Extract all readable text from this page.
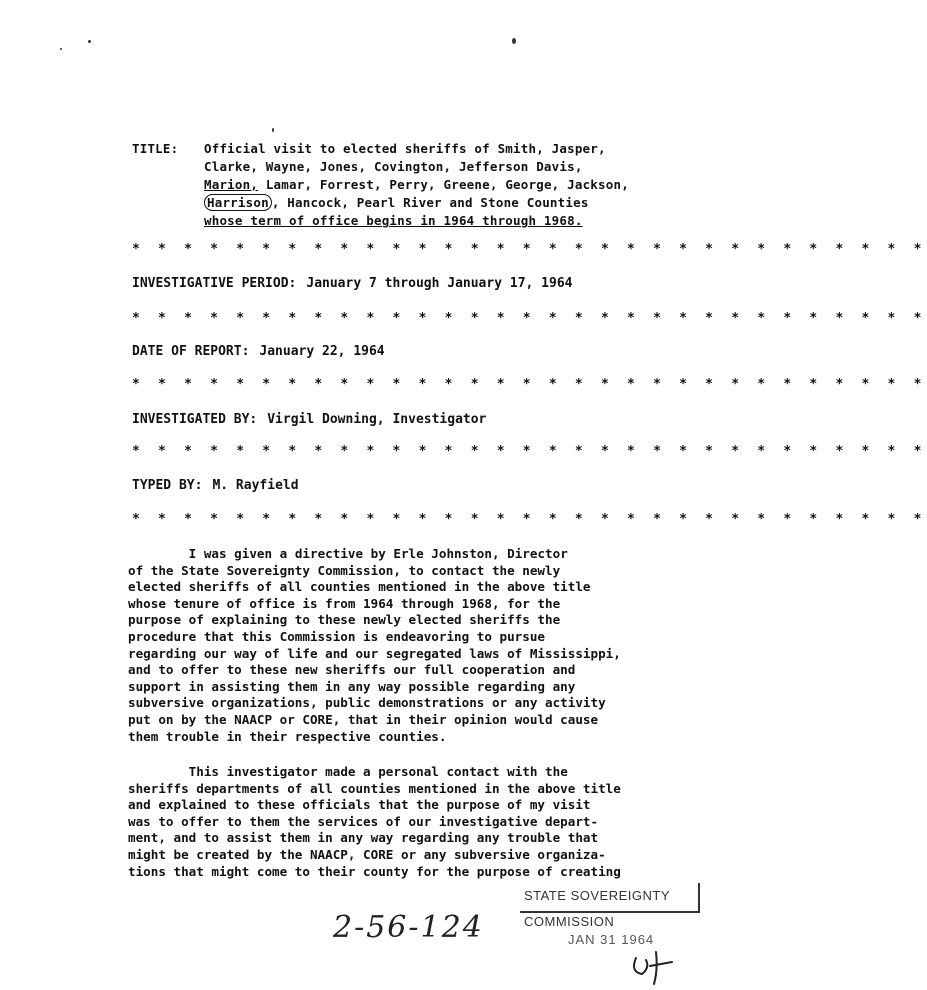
TITLE: Official visit to elected sheriffs of Smith, Jasper,
Clarke, Wayne, Jones, Covington, Jefferson Davis,
Marion, Lamar, Forrest, Perry, Greene, George, Jackson,
Harrison , Hancock, Pearl River and Stone Counties
whose term of office begins in 1964 through 1968.
* * * * * * * * * * * * * * * * * * * * * * * * * * * * * * *
INVESTIGATIVE PERIOD: January 7 through January 17, 1964
* * * * * * * * * * * * * * * * * * * * * * * * * * * * * * *
DATE OF REPORT: January 22, 1964
* * * * * * * * * * * * * * * * * * * * * * * * * * * * * * *
INVESTIGATED BY: Virgil Downing, Investigator
* * * * * * * * * * * * * * * * * * * * * * * * * * * * * * *
TYPED BY: M. Rayfield
* * * * * * * * * * * * * * * * * * * * * * * * * * * * * * *
I was given a directive by Erle Johnston, Director
of the State Sovereignty Commission, to contact the newly
elected sheriffs of all counties mentioned in the above title
whose tenure of office is from 1964 through 1968, for the
purpose of explaining to these newly elected sheriffs the
procedure that this Commission is endeavoring to pursue
regarding our way of life and our segregated laws of Mississippi,
and to offer to these new sheriffs our full cooperation and
support in assisting them in any way possible regarding any
subversive organizations, public demonstrations or any activity
put on by the NAACP or CORE, that in their opinion would cause
them trouble in their respective counties.
This investigator made a personal contact with the
sheriffs departments of all counties mentioned in the above title
and explained to these officials that the purpose of my visit
was to offer to them the services of our investigative depart-
ment, and to assist them in any way regarding any trouble that
might be created by the NAACP, CORE or any subversive organiza-
tions that might come to their county for the purpose of creating
STATE SOVEREIGNTY COMMISSION
JAN 31 1964
2-56-124
